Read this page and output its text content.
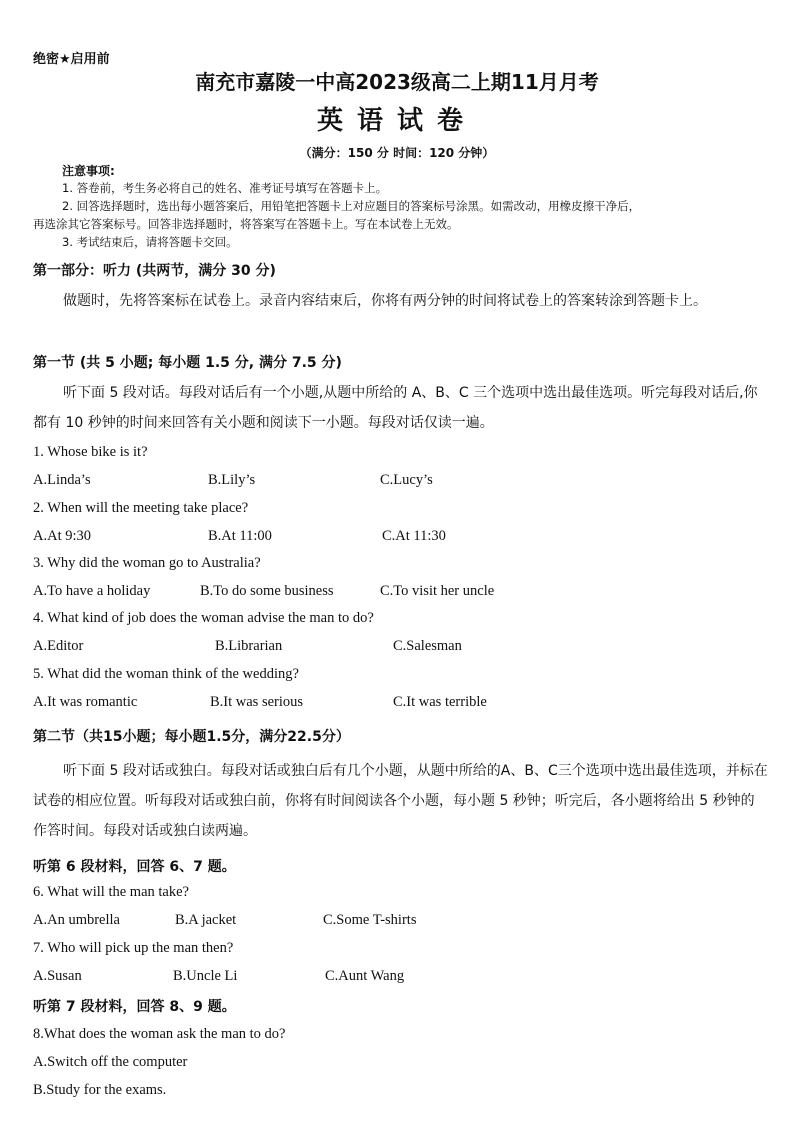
绝密★启用前
南充市嘉陵一中高2023级高二上期11月月考
英语试卷
（满分：150 分 时间：120 分钟）
注意事项:
1. 答卷前，考生务必将自己的姓名、准考证号填写在答题卡上。
2. 回答选择题时，选出每小题答案后，用铅笔把答题卡上对应题目的答案标号涂黑。如需改动，用橡皮擦干净后，
再选涂其它答案标号。回答非选择题时，将答案写在答题卡上。写在本试卷上无效。
3. 考试结束后，请将答题卡交回。
第一部分：听力 (共两节，满分 30 分)
做题时，先将答案标在试卷上。录音内容结束后，你将有两分钟的时间将试卷上的答案转涂到答题卡上。
第一节 (共 5 小题; 每小题 1.5 分, 满分 7.5 分)
听下面 5 段对话。每段对话后有一个小题,从题中所给的 A、B、C 三个选项中选出最佳选项。听完每段对话后,你都有 10 秒钟的时间来回答有关小题和阅读下一小题。每段对话仅读一遍。
1. Whose bike is it?
A.Linda’s	B.Lily’s	C.Lucy’s
2. When will the meeting take place?
A.At 9:30	B.At 11:00	C.At 11:30
3. Why did the woman go to Australia?
A.To have a holiday	B.To do some business	C.To visit her uncle
4. What kind of job does the woman advise the man to do?
A.Editor	B.Librarian	C.Salesman
5. What did the woman think of the wedding?
A.It was romantic	B.It was serious	C.It was terrible
第二节（共15小题；每小题1.5分，满分22.5分）
听下面 5 段对话或独白。每段对话或独白后有几个小题，从题中所给的A、B、C三个选项中选出最佳选项，并标在试卷的相应位置。听每段对话或独白前，你将有时间阅读各个小题，每小题 5 秒钟；听完后，各小题将给出 5 秒钟的作答时间。每段对话或独白读两遍。
听第 6 段材料，回答 6、7 题。
6. What will the man take?
A.An umbrella	B.A jacket	C.Some T-shirts
7. Who will pick up the man then?
A.Susan	B.Uncle Li	C.Aunt Wang
听第 7 段材料，回答 8、9 题。
8.What does the woman ask the man to do?
A.Switch off the computer
B.Study for the exams.
